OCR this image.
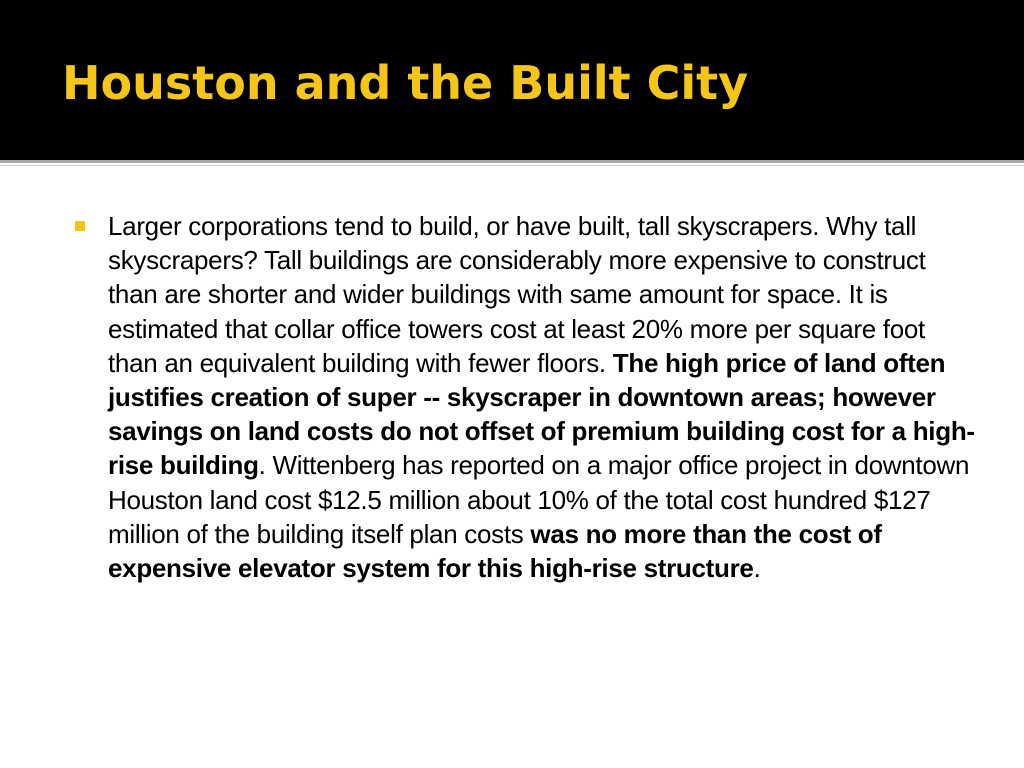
Houston and the Built City

Larger corporations tend to build, or have built, tall skyscrapers. Why tall skyscrapers? Tall buildings are considerably more expensive to construct than are shorter and wider buildings with same amount for space. It is estimated that collar office towers cost at least 20% more per square foot than an equivalent building with fewer floors. The high price of land often justifies creation of super -- skyscraper in downtown areas; however savings on land costs do not offset of premium building cost for a high-rise building. Wittenberg has reported on a major office project in downtown Houston land cost $12.5 million about 10% of the total cost hundred $127 million of the building itself plan costs was no more than the cost of expensive elevator system for this high-rise structure.
